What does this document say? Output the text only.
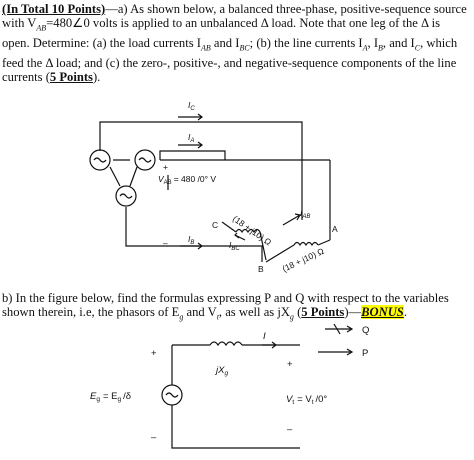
(In Total 10 Points)—a) As shown below, a balanced three-phase, positive-sequence source with $V_{AB}=480\angle 0$ volts is applied to an unbalanced Δ load. Note that one leg of the Δ is open. Determine: (a) the load currents $I_{AB}$ and $I_{BC}$; (b) the line currents $I_A$, $I_B$, and $I_C$, which feed the Δ load; and (c) the zero-, positive-, and negative-sequence components of the line currents (5 Points).
b) In the figure below, find the formulas expressing P and Q with respect to the variables shown therein, i.e, the phasors of $E_g$ and $V_t$, as well as $jX_g$ (5 Points)—BONUS.
$I_C$
$I_A$
+
$V_{AB} = 480$ /0° V
– $I_B$
$I_{AB}$
$I_{BC}$
(18 + j10) Ω
(18 + j10) Ω
A
B
C
I
$jX_g$
+
–
+
–
$E_g = E_g$ /δ	$V_t = V_t$ /0°
Q
P
